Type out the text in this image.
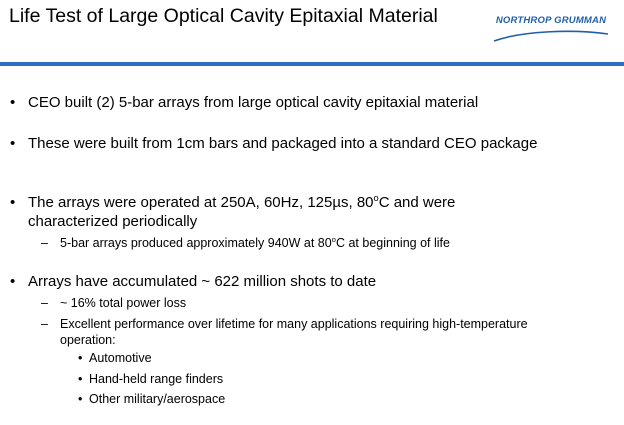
Life Test of Large Optical Cavity Epitaxial Material	NORTHROP GRUMMAN
• CEO built (2) 5-bar arrays from large optical cavity epitaxial material
• These were built from 1cm bars and packaged into a standard CEO package
• The arrays were operated at 250A, 60Hz, 125µs, 80$^o$C and were characterized periodically
– 5-bar arrays produced approximately 940W at 80$^o$C at beginning of life
• Arrays have accumulated ~ 622 million shots to date
– ~ 16% total power loss
– Excellent performance over lifetime for many applications requiring high-temperature operation:
• Automotive
• Hand-held range finders
• Other military/aerospace
